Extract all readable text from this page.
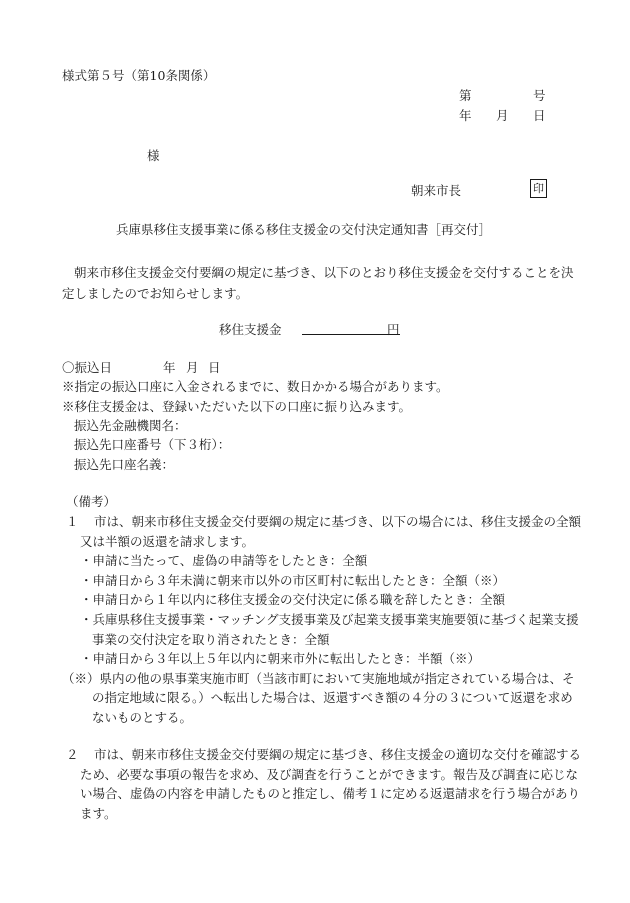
様式第５号（第10条関係）
第	号
年 月 日
様
朝来市長	印
兵庫県移住支援事業に係る移住支援金の交付決定通知書［再交付］
朝来市移住支援金交付要綱の規定に基づき、以下のとおり移住支援金を交付することを決
定しましたのでお知らせします。
移住支援金	円
〇振込日	年 月 日
※指定の振込口座に入金されるまでに、数日かかる場合があります。
※移住支援金は、登録いただいた以下の口座に振り込みます。
振込先金融機関名：
振込先口座番号（下３桁）：
振込先口座名義：
（備考）
１ 市は、朝来市移住支援金交付要綱の規定に基づき、以下の場合には、移住支援金の全額
又は半額の返還を請求します。
・申請に当たって、虚偽の申請等をしたとき：全額
・申請日から３年未満に朝来市以外の市区町村に転出したとき：全額（※）
・申請日から１年以内に移住支援金の交付決定に係る職を辞したとき：全額
・兵庫県移住支援事業・マッチング支援事業及び起業支援事業実施要領に基づく起業支援
事業の交付決定を取り消されたとき：全額
・申請日から３年以上５年以内に朝来市外に転出したとき：半額（※）
（※）県内の他の県事業実施市町（当該市町において実施地域が指定されている場合は、そ
の指定地域に限る。）へ転出した場合は、返還すべき額の４分の３について返還を求め
ないものとする。
２ 市は、朝来市移住支援金交付要綱の規定に基づき、移住支援金の適切な交付を確認する
ため、必要な事項の報告を求め、及び調査を行うことができます。報告及び調査に応じな
い場合、虚偽の内容を申請したものと推定し、備考１に定める返還請求を行う場合があり
ます。
